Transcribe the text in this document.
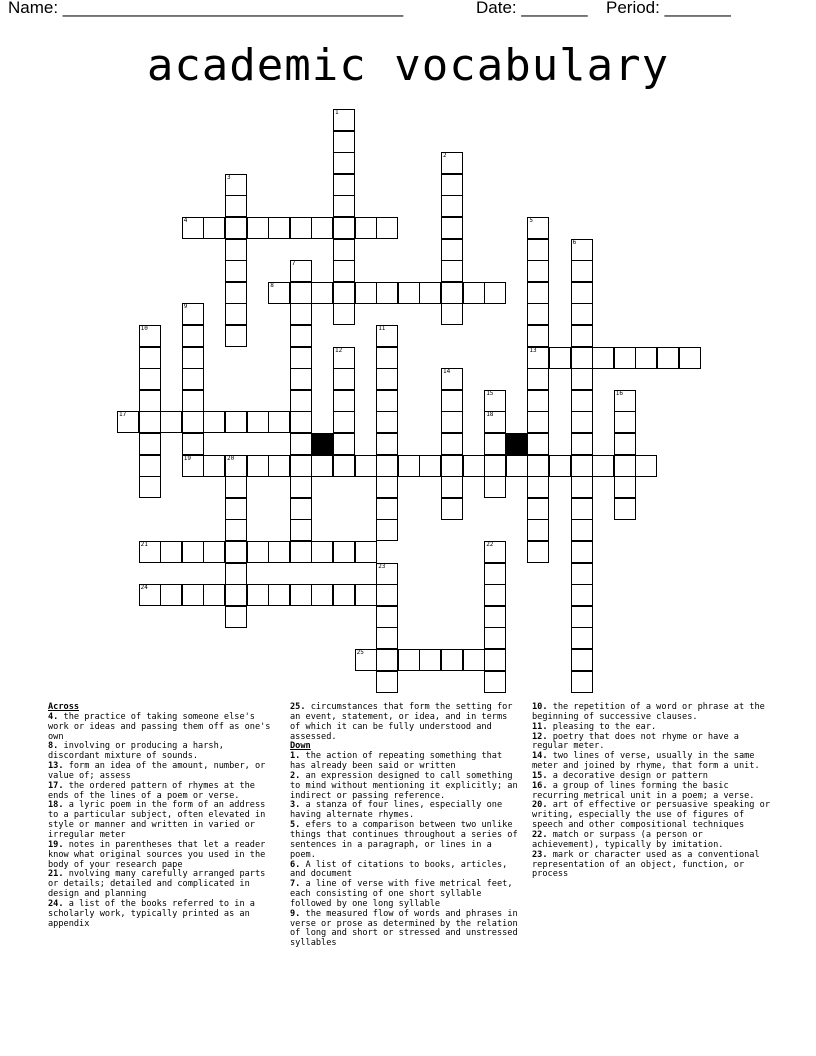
Name: ____________________________________	Date: _______ Period: _______
academic vocabulary
1
2
3
4	5
13
6
7
8
9
10	11
12
14
15
18
16
17
19	20
21	22
23
24
25

Across

4. the practice of taking someone else's work or ideas and passing them off as one's own

8. involving or producing a harsh, discordant mixture of sounds.

13. form an idea of the amount, number, or value of; assess

17. the ordered pattern of rhymes at the ends of the lines of a poem or verse.

18. a lyric poem in the form of an address to a particular subject, often elevated in style or manner and written in varied or irregular meter

19. notes in parentheses that let a reader know what original sources you used in the body of your research pape

21. nvolving many carefully arranged parts or details; detailed and complicated in design and planning

24. a list of the books referred to in a scholarly work, typically printed as an appendix

25. circumstances that form the setting for an event, statement, or idea, and in terms of which it can be fully understood and assessed.

Down

1. the action of repeating something that has already been said or written

2. an expression designed to call something to mind without mentioning it explicitly; an indirect or passing reference.

3. a stanza of four lines, especially one having alternate rhymes.

5. efers to a comparison between two unlike things that continues throughout a series of sentences in a paragraph, or lines in a poem.

6. A list of citations to books, articles, and document

7. a line of verse with five metrical feet, each consisting of one short syllable followed by one long syllable

9. the measured flow of words and phrases in verse or prose as determined by the relation of long and short or stressed and unstressed syllables

10. the repetition of a word or phrase at the beginning of successive clauses.

11. pleasing to the ear.

12. poetry that does not rhyme or have a regular meter.

14. two lines of verse, usually in the same meter and joined by rhyme, that form a unit.

15. a decorative design or pattern

16. a group of lines forming the basic recurring metrical unit in a poem; a verse.

20. art of effective or persuasive speaking or writing, especially the use of figures of speech and other compositional techniques

22. match or surpass (a person or achievement), typically by imitation.

23. mark or character used as a conventional representation of an object, function, or process
